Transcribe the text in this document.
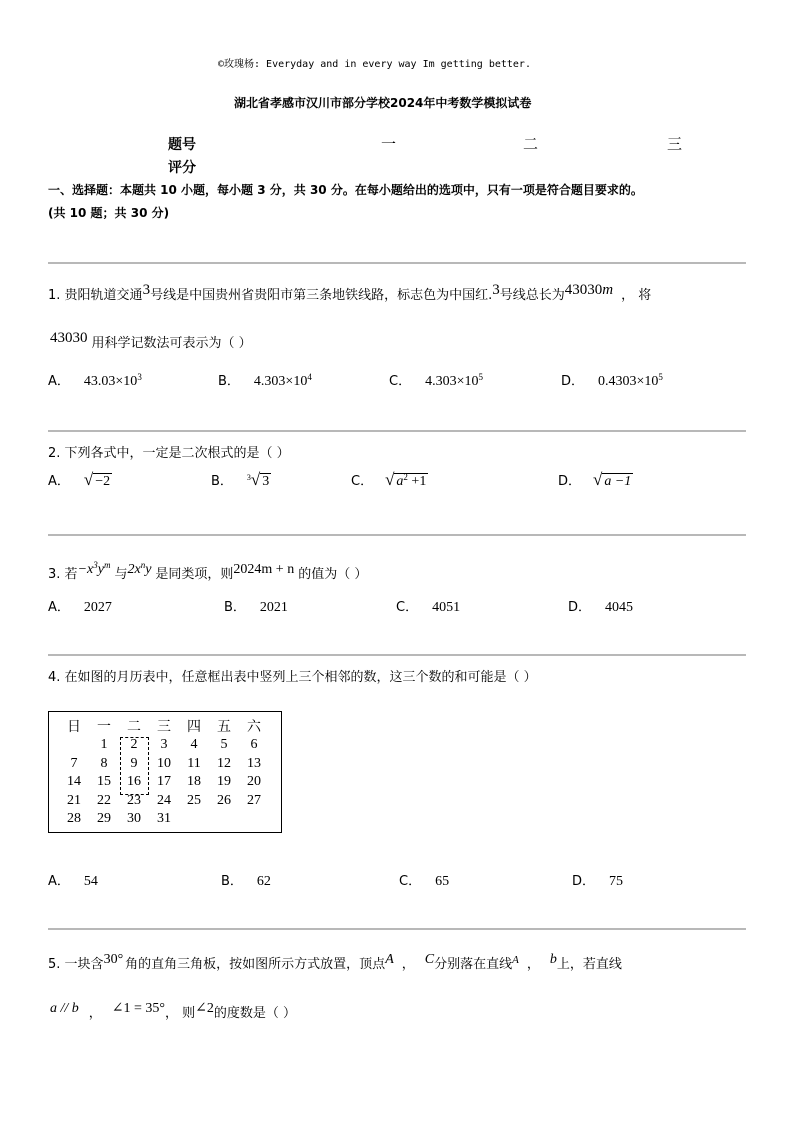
©玫瑰杨: Everyday and in every way Im getting better.
湖北省孝感市汉川市部分学校2024年中考数学模拟试卷
题号	一	二	三
评分
一、选择题：本题共 10 小题，每小题 3 分，共 30 分。在每小题给出的选项中，只有一项是符合题目要求的。
(共 10 题；共 30 分)
1. 贵阳轨道交通3号线是中国贵州省贵阳市第三条地铁线路，标志色为中国红.3号线总长为43030m ， 将
43030 用科学记数法可表示为（ ）
A． $43.03\times 10^3$	B． $4.303\times 10^4$	C． $4.303\times 10^5$	D． $0.4303\times 10^5$
2. 下列各式中，一定是二次根式的是（ ）
A． √ −2	B． $^3$√ 3	C． √ $a^2 +1$	D． √ a −1
3. 若$-x^3y^m$与$2x^ny$ 是同类项，则2024m + n 的值为（ ）
A． 2027	B． 2021	C． 4051	D． 4045
4. 在如图的月历表中，任意框出表中竖列上三个相邻的数，这三个数的和可能是（ ）
日	一	二	三	四	五	六
	1	2	3	4	5	6
7	8	9	10	11	12	13
14	15	16	17	18	19	20
21	22	23	24	25	26	27
28	29	30	31			
A． 54	B． 62	C． 65	D． 75
5. 一块含30° 角的直角三角板，按如图所示方式放置，顶点A ， C分别落在直线$^A$ ， b上，若直线
a // b ， ∠1 = 35°， 则∠2的度数是（ ）
